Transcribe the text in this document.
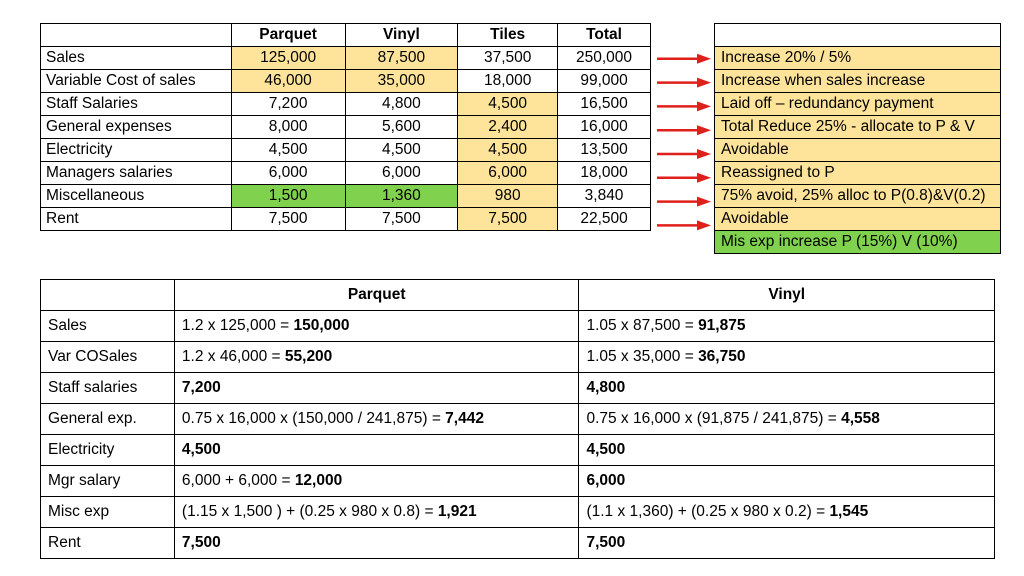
	Parquet	Vinyl	Tiles	Total
Sales	125,000	87,500	37,500	250,000
Variable Cost of sales	46,000	35,000	18,000	99,000
Staff Salaries	7,200	4,800	4,500	16,500
General expenses	8,000	5,600	2,400	16,000
Electricity	4,500	4,500	4,500	13,500
Managers salaries	6,000	6,000	6,000	18,000
Miscellaneous	1,500	1,360	980	3,840
Rent	7,500	7,500	7,500	22,500

Increase 20% / 5%
Increase when sales increase
Laid off – redundancy payment
Total Reduce 25% - allocate to P & V
Avoidable
Reassigned to P
75% avoid, 25% alloc to P(0.8)&V(0.2)
Avoidable
Mis exp increase P (15%) V (10%)
	Parquet	Vinyl
Sales	1.2 x 125,000 = 150,000	1.05 x 87,500 = 91,875
Var COSales	1.2 x 46,000 = 55,200	1.05 x 35,000 = 36,750
Staff salaries	7,200	4,800
General exp.	0.75 x 16,000 x (150,000 / 241,875) = 7,442	0.75 x 16,000 x (91,875 / 241,875) = 4,558
Electricity	4,500	4,500
Mgr salary	6,000 + 6,000 = 12,000	6,000
Misc exp	(1.15 x 1,500 ) + (0.25 x 980 x 0.8) = 1,921	(1.1 x 1,360) + (0.25 x 980 x 0.2) = 1,545
Rent	7,500	7,500
